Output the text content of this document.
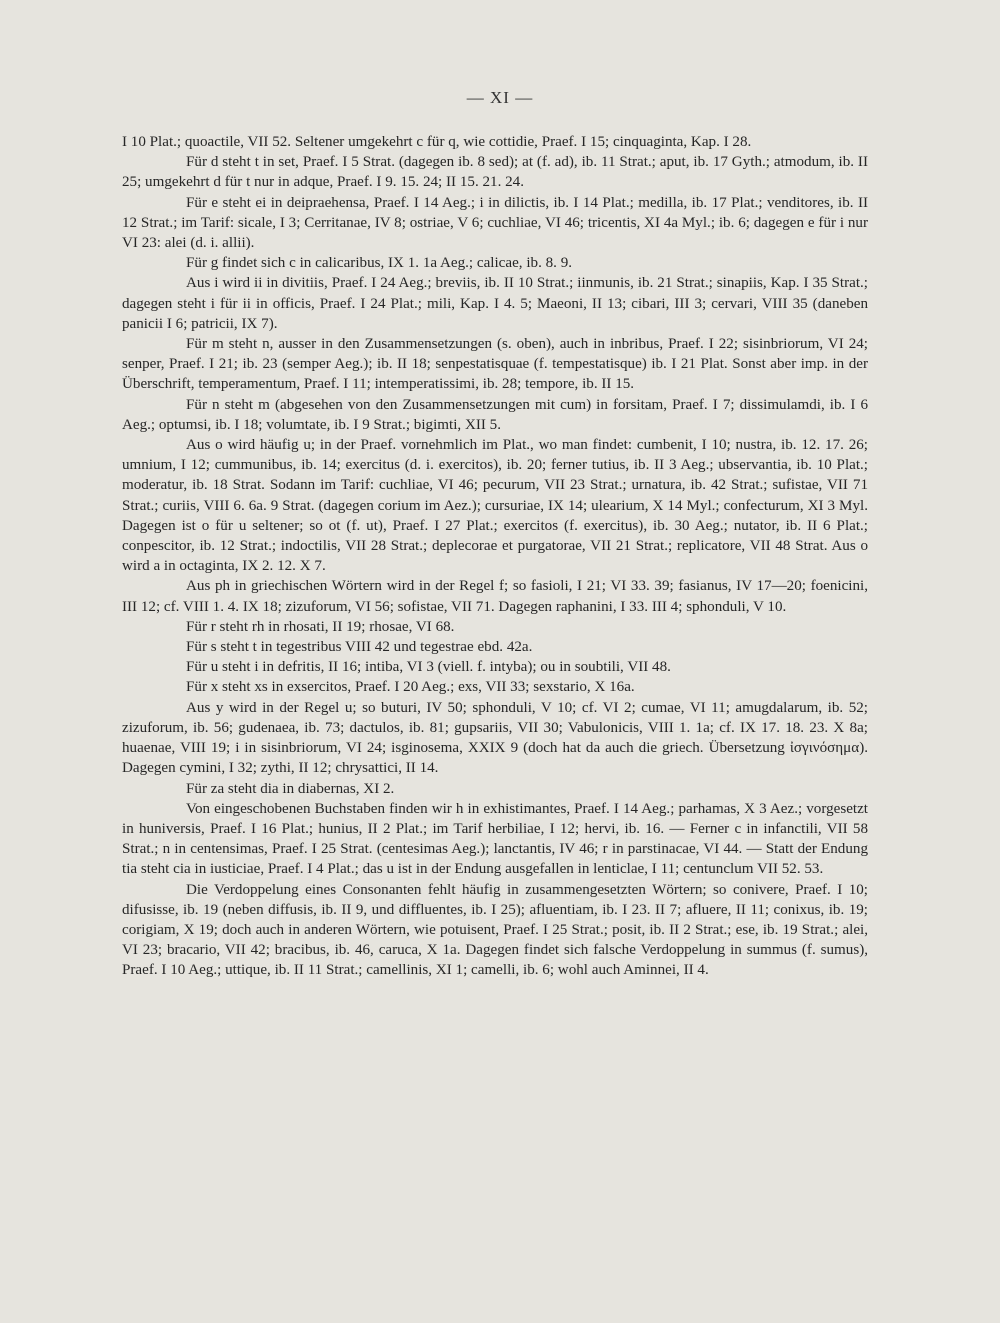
— XI —

I 10 Plat.; quoactile, VII 52. Seltener umgekehrt c für q, wie cottidie, Praef. I 15; cinquaginta, Kap. I 28.

Für d steht t in set, Praef. I 5 Strat. (dagegen ib. 8 sed); at (f. ad), ib. 11 Strat.; aput, ib. 17 Gyth.; atmodum, ib. II 25; umgekehrt d für t nur in adque, Praef. I 9. 15. 24; II 15. 21. 24.

Für e steht ei in deipraehensa, Praef. I 14 Aeg.; i in dilictis, ib. I 14 Plat.; medilla, ib. 17 Plat.; venditores, ib. II 12 Strat.; im Tarif: sicale, I 3; Cerritanae, IV 8; ostriae, V 6; cuchliae, VI 46; tricentis, XI 4a Myl.; ib. 6; dagegen e für i nur VI 23: alei (d. i. allii).

Für g findet sich c in calicaribus, IX 1. 1a Aeg.; calicae, ib. 8. 9.

Aus i wird ii in divitiis, Praef. I 24 Aeg.; breviis, ib. II 10 Strat.; iinmunis, ib. 21 Strat.; sinapiis, Kap. I 35 Strat.; dagegen steht i für ii in officis, Praef. I 24 Plat.; mili, Kap. I 4. 5; Maeoni, II 13; cibari, III 3; cervari, VIII 35 (daneben panicii I 6; patricii, IX 7).

Für m steht n, ausser in den Zusammensetzungen (s. oben), auch in inbribus, Praef. I 22; sisinbriorum, VI 24; senper, Praef. I 21; ib. 23 (semper Aeg.); ib. II 18; senpestatisquae (f. tempestatisque) ib. I 21 Plat. Sonst aber imp. in der Überschrift, temperamentum, Praef. I 11; intemperatissimi, ib. 28; tempore, ib. II 15.

Für n steht m (abgesehen von den Zusammensetzungen mit cum) in forsitam, Praef. I 7; dissimulamdi, ib. I 6 Aeg.; optumsi, ib. I 18; volumtate, ib. I 9 Strat.; bigimti, XII 5.

Aus o wird häufig u; in der Praef. vornehmlich im Plat., wo man findet: cumbenit, I 10; nustra, ib. 12. 17. 26; umnium, I 12; cummunibus, ib. 14; exercitus (d. i. exercitos), ib. 20; ferner tutius, ib. II 3 Aeg.; ubservantia, ib. 10 Plat.; moderatur, ib. 18 Strat. Sodann im Tarif: cuchliae, VI 46; pecurum, VII 23 Strat.; urnatura, ib. 42 Strat.; sufistae, VII 71 Strat.; curiis, VIII 6. 6a. 9 Strat. (dagegen corium im Aez.); cursuriae, IX 14; ulearium, X 14 Myl.; confecturum, XI 3 Myl. Dagegen ist o für u seltener; so ot (f. ut), Praef. I 27 Plat.; exercitos (f. exercitus), ib. 30 Aeg.; nutator, ib. II 6 Plat.; conpescitor, ib. 12 Strat.; indoctilis, VII 28 Strat.; deplecorae et purgatorae, VII 21 Strat.; replicatore, VII 48 Strat. Aus o wird a in octaginta, IX 2. 12. X 7.

Aus ph in griechischen Wörtern wird in der Regel f; so fasioli, I 21; VI 33. 39; fasianus, IV 17—20; foenicini, III 12; cf. VIII 1. 4. IX 18; zizuforum, VI 56; sofistae, VII 71. Dagegen raphanini, I 33. III 4; sphonduli, V 10.

Für r steht rh in rhosati, II 19; rhosae, VI 68.

Für s steht t in tegestribus VIII 42 und tegestrae ebd. 42a.

Für u steht i in defritis, II 16; intiba, VI 3 (viell. f. intyba); ou in soubtili, VII 48.

Für x steht xs in exsercitos, Praef. I 20 Aeg.; exs, VII 33; sexstario, X 16a.

Aus y wird in der Regel u; so buturi, IV 50; sphonduli, V 10; cf. VI 2; cumae, VI 11; amugdalarum, ib. 52; zizuforum, ib. 56; gudenaea, ib. 73; dactulos, ib. 81; gupsariis, VII 30; Vabulonicis, VIII 1. 1a; cf. IX 17. 18. 23. X 8a; huaenae, VIII 19; i in sisinbriorum, VI 24; isginosema, XXIX 9 (doch hat da auch die griech. Übersetzung ἰσγινόσημα). Dagegen cymini, I 32; zythi, II 12; chrysattici, II 14.

Für za steht dia in diabernas, XI 2.

Von eingeschobenen Buchstaben finden wir h in exhistimantes, Praef. I 14 Aeg.; parhamas, X 3 Aez.; vorgesetzt in huniversis, Praef. I 16 Plat.; hunius, II 2 Plat.; im Tarif herbiliae, I 12; hervi, ib. 16. — Ferner c in infanctili, VII 58 Strat.; n in centensimas, Praef. I 25 Strat. (centesimas Aeg.); lanctantis, IV 46; r in parstinacae, VI 44. — Statt der Endung tia steht cia in iusticiae, Praef. I 4 Plat.; das u ist in der Endung ausgefallen in lenticlae, I 11; centunclum VII 52. 53.

Die Verdoppelung eines Consonanten fehlt häufig in zusammengesetzten Wörtern; so conivere, Praef. I 10; difusisse, ib. 19 (neben diffusis, ib. II 9, und diffluentes, ib. I 25); afluentiam, ib. I 23. II 7; afluere, II 11; conixus, ib. 19; corigiam, X 19; doch auch in anderen Wörtern, wie potuisent, Praef. I 25 Strat.; posit, ib. II 2 Strat.; ese, ib. 19 Strat.; alei, VI 23; bracario, VII 42; bracibus, ib. 46, caruca, X 1a. Dagegen findet sich falsche Verdoppelung in summus (f. sumus), Praef. I 10 Aeg.; uttique, ib. II 11 Strat.; camellinis, XI 1; camelli, ib. 6; wohl auch Aminnei, II 4.
